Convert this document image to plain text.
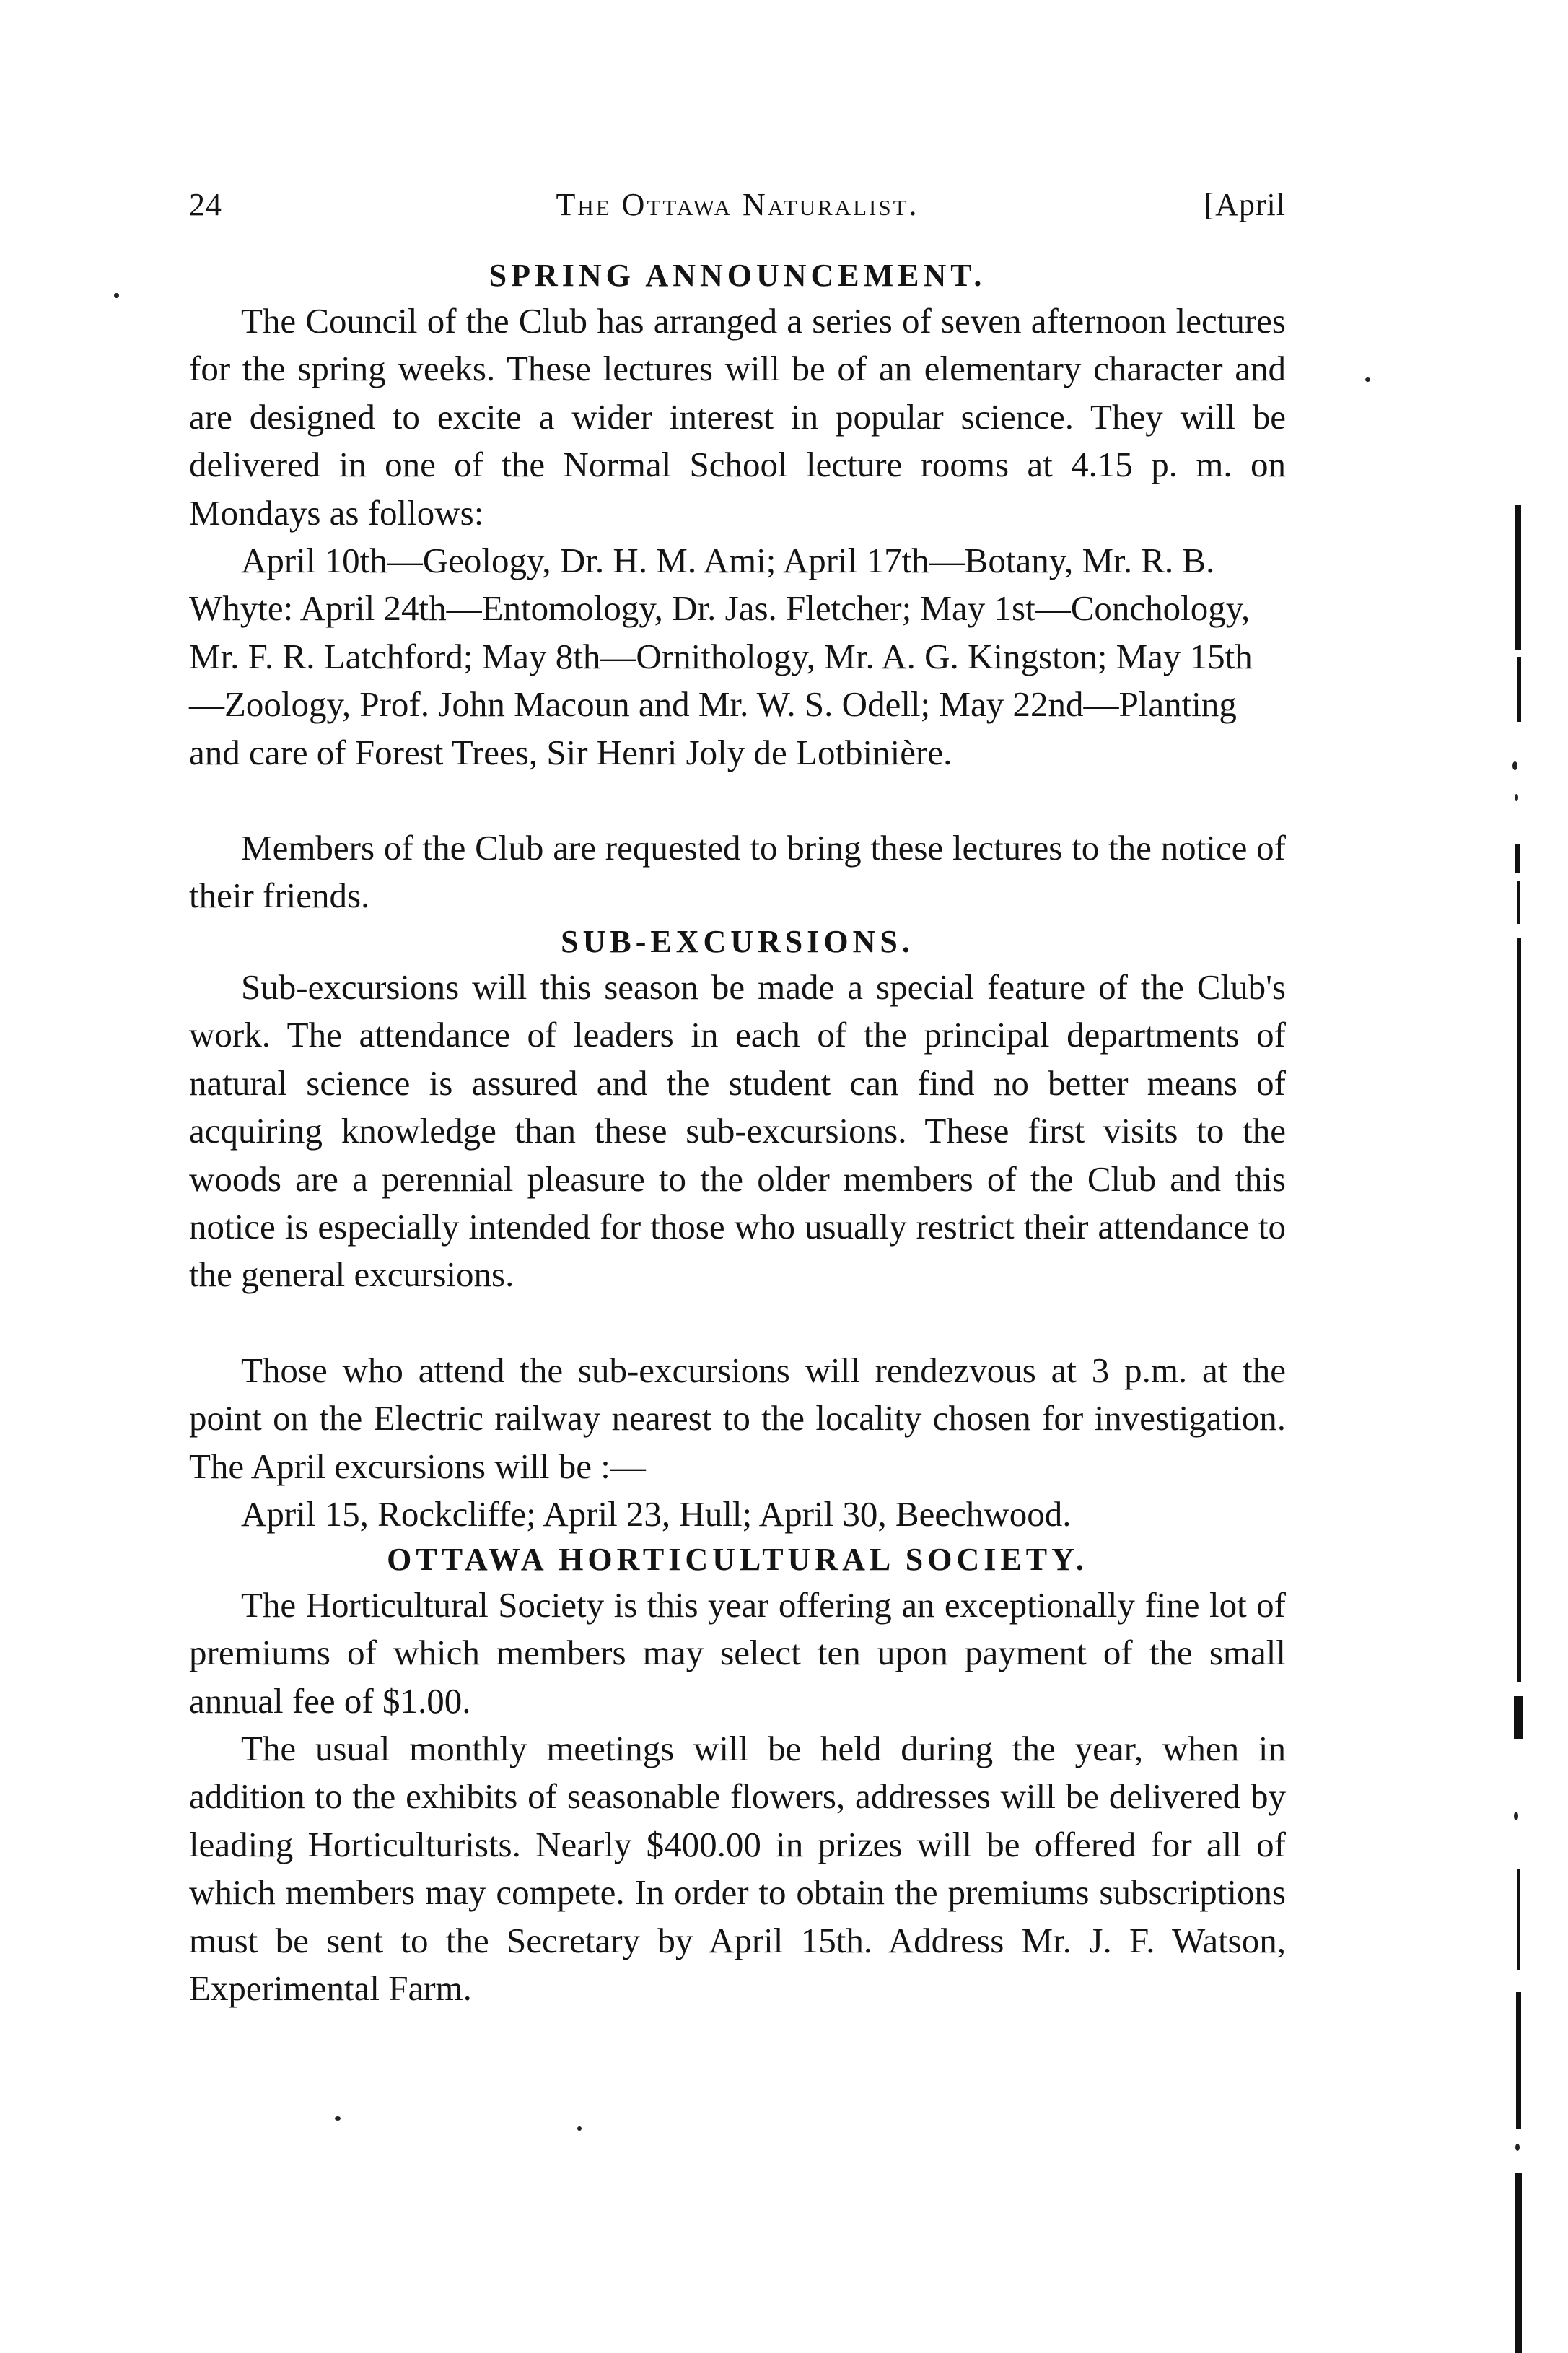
24	The Ottawa Naturalist.	[April
SPRING ANNOUNCEMENT.

The Council of the Club has arranged a series of seven afternoon lectures for the spring weeks. These lectures will be of an elementary character and are designed to excite a wider interest in popular science. They will be delivered in one of the Normal School lecture rooms at 4.15 p. m. on Mondays as follows:

April 10th—Geology, Dr. H. M. Ami; April 17th—Botany, Mr. R. B. Whyte: April 24th—Entomology, Dr. Jas. Fletcher; May 1st—Conchology, Mr. F. R. Latchford; May 8th—Ornithology, Mr. A. G. Kingston; May 15th—Zoology, Prof. John Macoun and Mr. W. S. Odell; May 22nd—Planting and care of Forest Trees, Sir Henri Joly de Lotbinière.

Members of the Club are requested to bring these lectures to the notice of their friends.

SUB-EXCURSIONS.

Sub-excursions will this season be made a special feature of the Club's work. The attendance of leaders in each of the principal departments of natural science is assured and the student can find no better means of acquiring knowledge than these sub-excursions. These first visits to the woods are a perennial pleasure to the older members of the Club and this notice is especially intended for those who usually restrict their attendance to the general excursions.

Those who attend the sub-excursions will rendezvous at 3 p.m. at the point on the Electric railway nearest to the locality chosen for investigation. The April excursions will be :—

April 15, Rockcliffe; April 23, Hull; April 30, Beechwood.

OTTAWA HORTICULTURAL SOCIETY.

The Horticultural Society is this year offering an exceptionally fine lot of premiums of which members may select ten upon payment of the small annual fee of $1.00.

The usual monthly meetings will be held during the year, when in addition to the exhibits of seasonable flowers, addresses will be delivered by leading Horticulturists. Nearly $400.00 in prizes will be offered for all of which members may compete. In order to obtain the premiums subscriptions must be sent to the Secretary by April 15th. Address Mr. J. F. Watson, Experimental Farm.
